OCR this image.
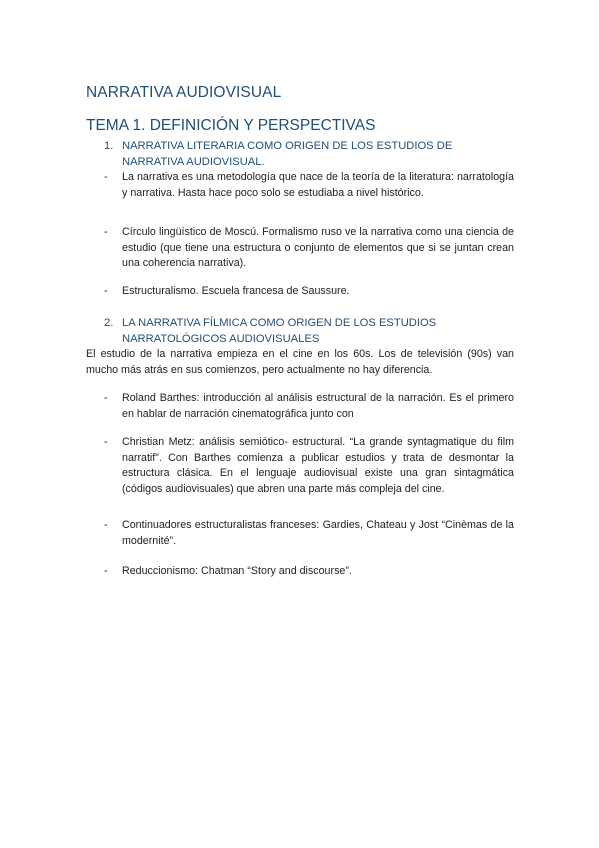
NARRATIVA AUDIOVISUAL
TEMA 1. DEFINICIÓN Y PERSPECTIVAS
1. NARRATIVA LITERARIA COMO ORIGEN DE LOS ESTUDIOS DE NARRATIVA AUDIOVISUAL.
- La narrativa es una metodología que nace de la teoría de la literatura: narratología y narrativa. Hasta hace poco solo se estudiaba a nivel histórico.
- Círculo lingüístico de Moscú. Formalismo ruso ve la narrativa como una ciencia de estudio (que tiene una estructura o conjunto de elementos que si se juntan crean una coherencia narrativa).
- Estructuralismo. Escuela francesa de Saussure.
2. LA NARRATIVA FÍLMICA COMO ORIGEN DE LOS ESTUDIOS NARRATOLÓGICOS AUDIOVISUALES
El estudio de la narrativa empieza en el cine en los 60s. Los de televisión (90s) van mucho más atrás en sus comienzos, pero actualmente no hay diferencia.
- Roland Barthes: introducción al análisis estructural de la narración. Es el primero en hablar de narración cinematográfica junto con
- Christian Metz: análisis semiótico- estructural. “La grande syntagmatique du film narratif”. Con Barthes comienza a publicar estudios y trata de desmontar la estructura clásica. En el lenguaje audiovisual existe una gran sintagmática (códigos audiovisuales) que abren una parte más compleja del cine.
- Continuadores estructuralistas franceses: Gardies, Chateau y Jost “Cinèmas de la modernité”.
- Reduccionismo: Chatman “Story and discourse”.
